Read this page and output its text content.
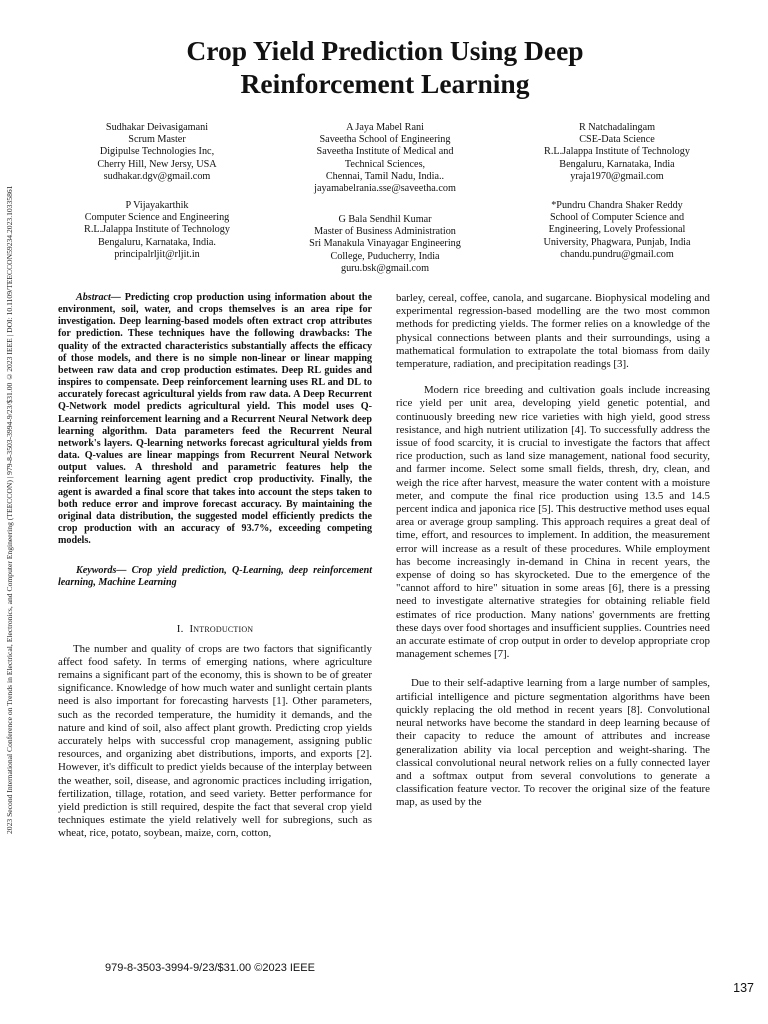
2023 Second International Conference on Trends in Electrical, Electronics, and Computer Engineering (TEECCON) | 979-8-3503-3994-9/23/$31.00 ©2023 IEEE | DOI: 10.1109/TEECCON59234.2023.10335861
Crop Yield Prediction Using Deep
Reinforcement Learning
Sudhakar Deivasigamani
Scrum Master
Digipulse Technologies Inc,
Cherry Hill, New Jersy, USA
sudhakar.dgv@gmail.com
A Jaya Mabel Rani
Saveetha School of Engineering
Saveetha Institute of Medical and
Technical Sciences,
Chennai, Tamil Nadu, India..
jayamabelrania.sse@saveetha.com
R Natchadalingam
CSE-Data Science
R.L.Jalappa Institute of Technology
Bengaluru, Karnataka, India
yraja1970@gmail.com
P Vijayakarthik
Computer Science and Engineering
R.L.Jalappa Institute of Technology
Bengaluru, Karnataka, India.
principalrljit@rljit.in
G Bala Sendhil Kumar
Master of Business Administration
Sri Manakula Vinayagar Engineering
College, Puducherry, India
guru.bsk@gmail.com
*Pundru Chandra Shaker Reddy
School of Computer Science and
Engineering, Lovely Professional
University, Phagwara, Punjab, India
chandu.pundru@gmail.com

Abstract— Predicting crop production using information about the environment, soil, water, and crops themselves is an area ripe for investigation. Deep learning-based models often extract crop attributes for prediction. These techniques have the following drawbacks: The quality of the extracted characteristics substantially affects the efficacy of those models, and there is no simple non-linear or linear mapping between raw data and crop production estimates. Deep RL guides and inspires to compensate. Deep reinforcement learning uses RL and DL to accurately forecast agricultural yields from raw data. A Deep Recurrent Q-Network model predicts agricultural yield. This model uses Q-Learning reinforcement learning and a Recurrent Neural Network deep learning algorithm. Data parameters feed the Recurrent Neural network's layers. Q-learning networks forecast agricultural yields from data. Q-values are linear mappings from Recurrent Neural Network output values. A threshold and parametric features help the reinforcement learning agent predict crop productivity. Finally, the agent is awarded a final score that takes into account the steps taken to both reduce error and improve forecast accuracy. By maintaining the original data distribution, the suggested model efficiently predicts the crop production with an accuracy of 93.7%, exceeding competing models.

Keywords— Crop yield prediction, Q-Learning, deep reinforcement learning, Machine Learning

I. Introduction

The number and quality of crops are two factors that significantly affect food safety. In terms of emerging nations, where agriculture remains a significant part of the economy, this is shown to be of greater significance. Knowledge of how much water and sunlight certain plants need is also important for forecasting harvests [1]. Other parameters, such as the recorded temperature, the humidity it demands, and the nature and kind of soil, also affect plant growth. Predicting crop yields accurately helps with successful crop management, assigning public resources, and organizing abet distributions, imports, and exports [2]. However, it's difficult to predict yields because of the interplay between the weather, soil, disease, and agronomic practices including irrigation, fertilization, tillage, rotation, and seed variety. Better performance for yield prediction is still required, despite the fact that several crop yield techniques estimate the yield relatively well for subregions, such as wheat, rice, potato, soybean, maize, corn, cotton,

barley, cereal, coffee, canola, and sugarcane. Biophysical modeling and experimental regression-based modelling are the two most common methods for predicting yields. The former relies on a knowledge of the physical connections between plants and their surroundings, using a mathematical formulation to extrapolate the total biomass from daily temperature, radiation, and precipitation readings [3].

Modern rice breeding and cultivation goals include increasing rice yield per unit area, developing yield genetic potential, and continuously breeding new rice varieties with high yield, good stress resistance, and high nutrient utilization [4]. To successfully address the issue of food scarcity, it is crucial to investigate the factors that affect rice production, such as land size management, national food security, and farmer income. Select some small fields, thresh, dry, clean, and weigh the rice after harvest, measure the water content with a moisture meter, and compute the final rice production using 13.5 and 14.5 percent indica and japonica rice [5]. This destructive method uses equal area or average group sampling. This approach requires a great deal of time, effort, and resources to implement. In addition, the measurement error will increase as a result of these procedures. While employment has become increasingly in-demand in China in recent years, the expense of doing so has skyrocketed. Due to the emergence of the "cannot afford to hire" situation in some areas [6], there is a pressing need to investigate alternative strategies for obtaining reliable field estimates of rice production. Many nations' governments are fretting these days over food shortages and insufficient supplies. Countries need an accurate estimate of crop output in order to develop appropriate crop management schemes [7].

Due to their self-adaptive learning from a large number of samples, artificial intelligence and picture segmentation algorithms have been quickly replacing the old method in recent years [8]. Convolutional neural networks have become the standard in deep learning because of their capacity to reduce the amount of attributes and increase generalization ability via local perception and weight-sharing. The classical convolutional neural network relies on a fully connected layer and a softmax output from several convolutions to generate a classification feature vector. To recover the original size of the feature map, as used by the

979-8-3503-3994-9/23/$31.00 ©2023 IEEE
137
